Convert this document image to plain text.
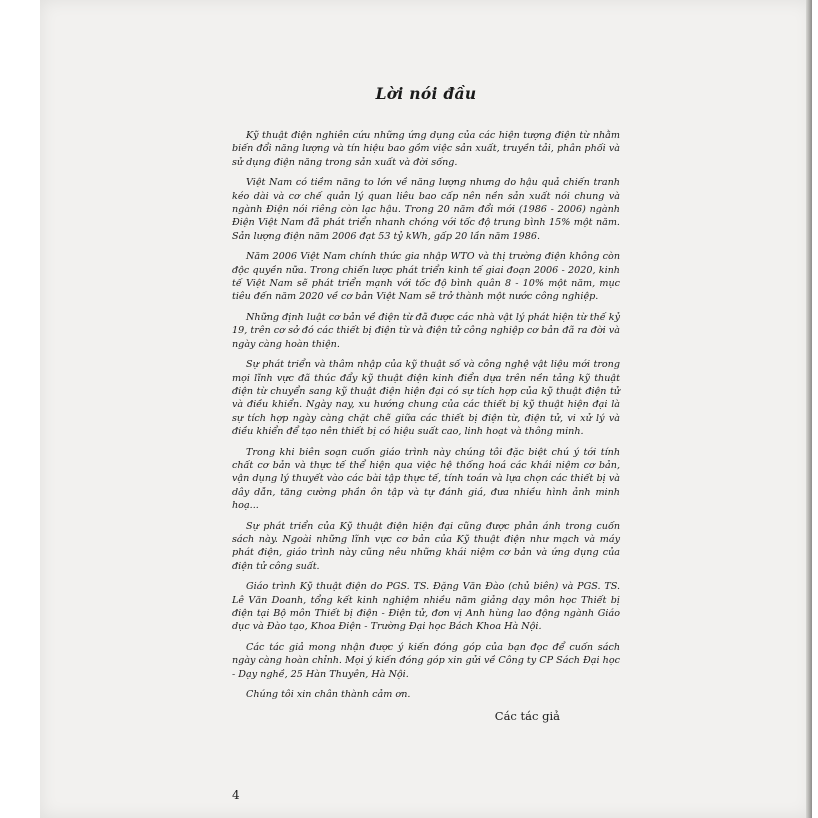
Lời nói đầu

Kỹ thuật điện nghiên cứu những ứng dụng của các hiện tượng điện từ nhằm biến đổi năng lượng và tín hiệu bao gồm việc sản xuất, truyền tải, phân phối và sử dụng điện năng trong sản xuất và đời sống.

Việt Nam có tiềm năng to lớn về năng lượng nhưng do hậu quả chiến tranh kéo dài và cơ chế quản lý quan liêu bao cấp nên nền sản xuất nói chung và ngành Điện nói riêng còn lạc hậu. Trong 20 năm đổi mới (1986 - 2006) ngành Điện Việt Nam đã phát triển nhanh chóng với tốc độ trung bình 15% một năm. Sản lượng điện năm 2006 đạt 53 tỷ kWh, gấp 20 lần năm 1986.

Năm 2006 Việt Nam chính thức gia nhập WTO và thị trường điện không còn độc quyền nữa. Trong chiến lược phát triển kinh tế giai đoạn 2006 - 2020, kinh tế Việt Nam sẽ phát triển mạnh với tốc độ bình quân 8 - 10% một năm, mục tiêu đến năm 2020 về cơ bản Việt Nam sẽ trở thành một nước công nghiệp.

Những định luật cơ bản về điện từ đã được các nhà vật lý phát hiện từ thế kỷ 19, trên cơ sở đó các thiết bị điện từ và điện tử công nghiệp cơ bản đã ra đời và ngày càng hoàn thiện.

Sự phát triển và thâm nhập của kỹ thuật số và công nghệ vật liệu mới trong mọi lĩnh vực đã thúc đẩy kỹ thuật điện kinh điển dựa trên nền tảng kỹ thuật điện từ chuyển sang kỹ thuật điện hiện đại có sự tích hợp của kỹ thuật điện tử và điều khiển. Ngày nay, xu hướng chung của các thiết bị kỹ thuật hiện đại là sự tích hợp ngày càng chặt chẽ giữa các thiết bị điện từ, điện tử, vi xử lý và điều khiển để tạo nên thiết bị có hiệu suất cao, linh hoạt và thông minh.

Trong khi biên soạn cuốn giáo trình này chúng tôi đặc biệt chú ý tới tính chất cơ bản và thực tế thể hiện qua việc hệ thống hoá các khái niệm cơ bản, vận dụng lý thuyết vào các bài tập thực tế, tính toán và lựa chọn các thiết bị và dây dẫn, tăng cường phần ôn tập và tự đánh giá, đưa nhiều hình ảnh minh hoạ...

Sự phát triển của Kỹ thuật điện hiện đại cũng được phản ánh trong cuốn sách này. Ngoài những lĩnh vực cơ bản của Kỹ thuật điện như mạch và máy phát điện, giáo trình này cũng nêu những khái niệm cơ bản và ứng dụng của điện tử công suất.

Giáo trình Kỹ thuật điện do PGS. TS. Đặng Văn Đào (chủ biên) và PGS. TS. Lê Văn Doanh, tổng kết kinh nghiệm nhiều năm giảng dạy môn học Thiết bị điện tại Bộ môn Thiết bị điện - Điện tử, đơn vị Anh hùng lao động ngành Giáo dục và Đào tạo, Khoa Điện - Trường Đại học Bách Khoa Hà Nội.

Các tác giả mong nhận được ý kiến đóng góp của bạn đọc để cuốn sách ngày càng hoàn chỉnh. Mọi ý kiến đóng góp xin gửi về Công ty CP Sách Đại học - Dạy nghề, 25 Hàn Thuyên, Hà Nội.

Chúng tôi xin chân thành cảm ơn.

Các tác giả
4
